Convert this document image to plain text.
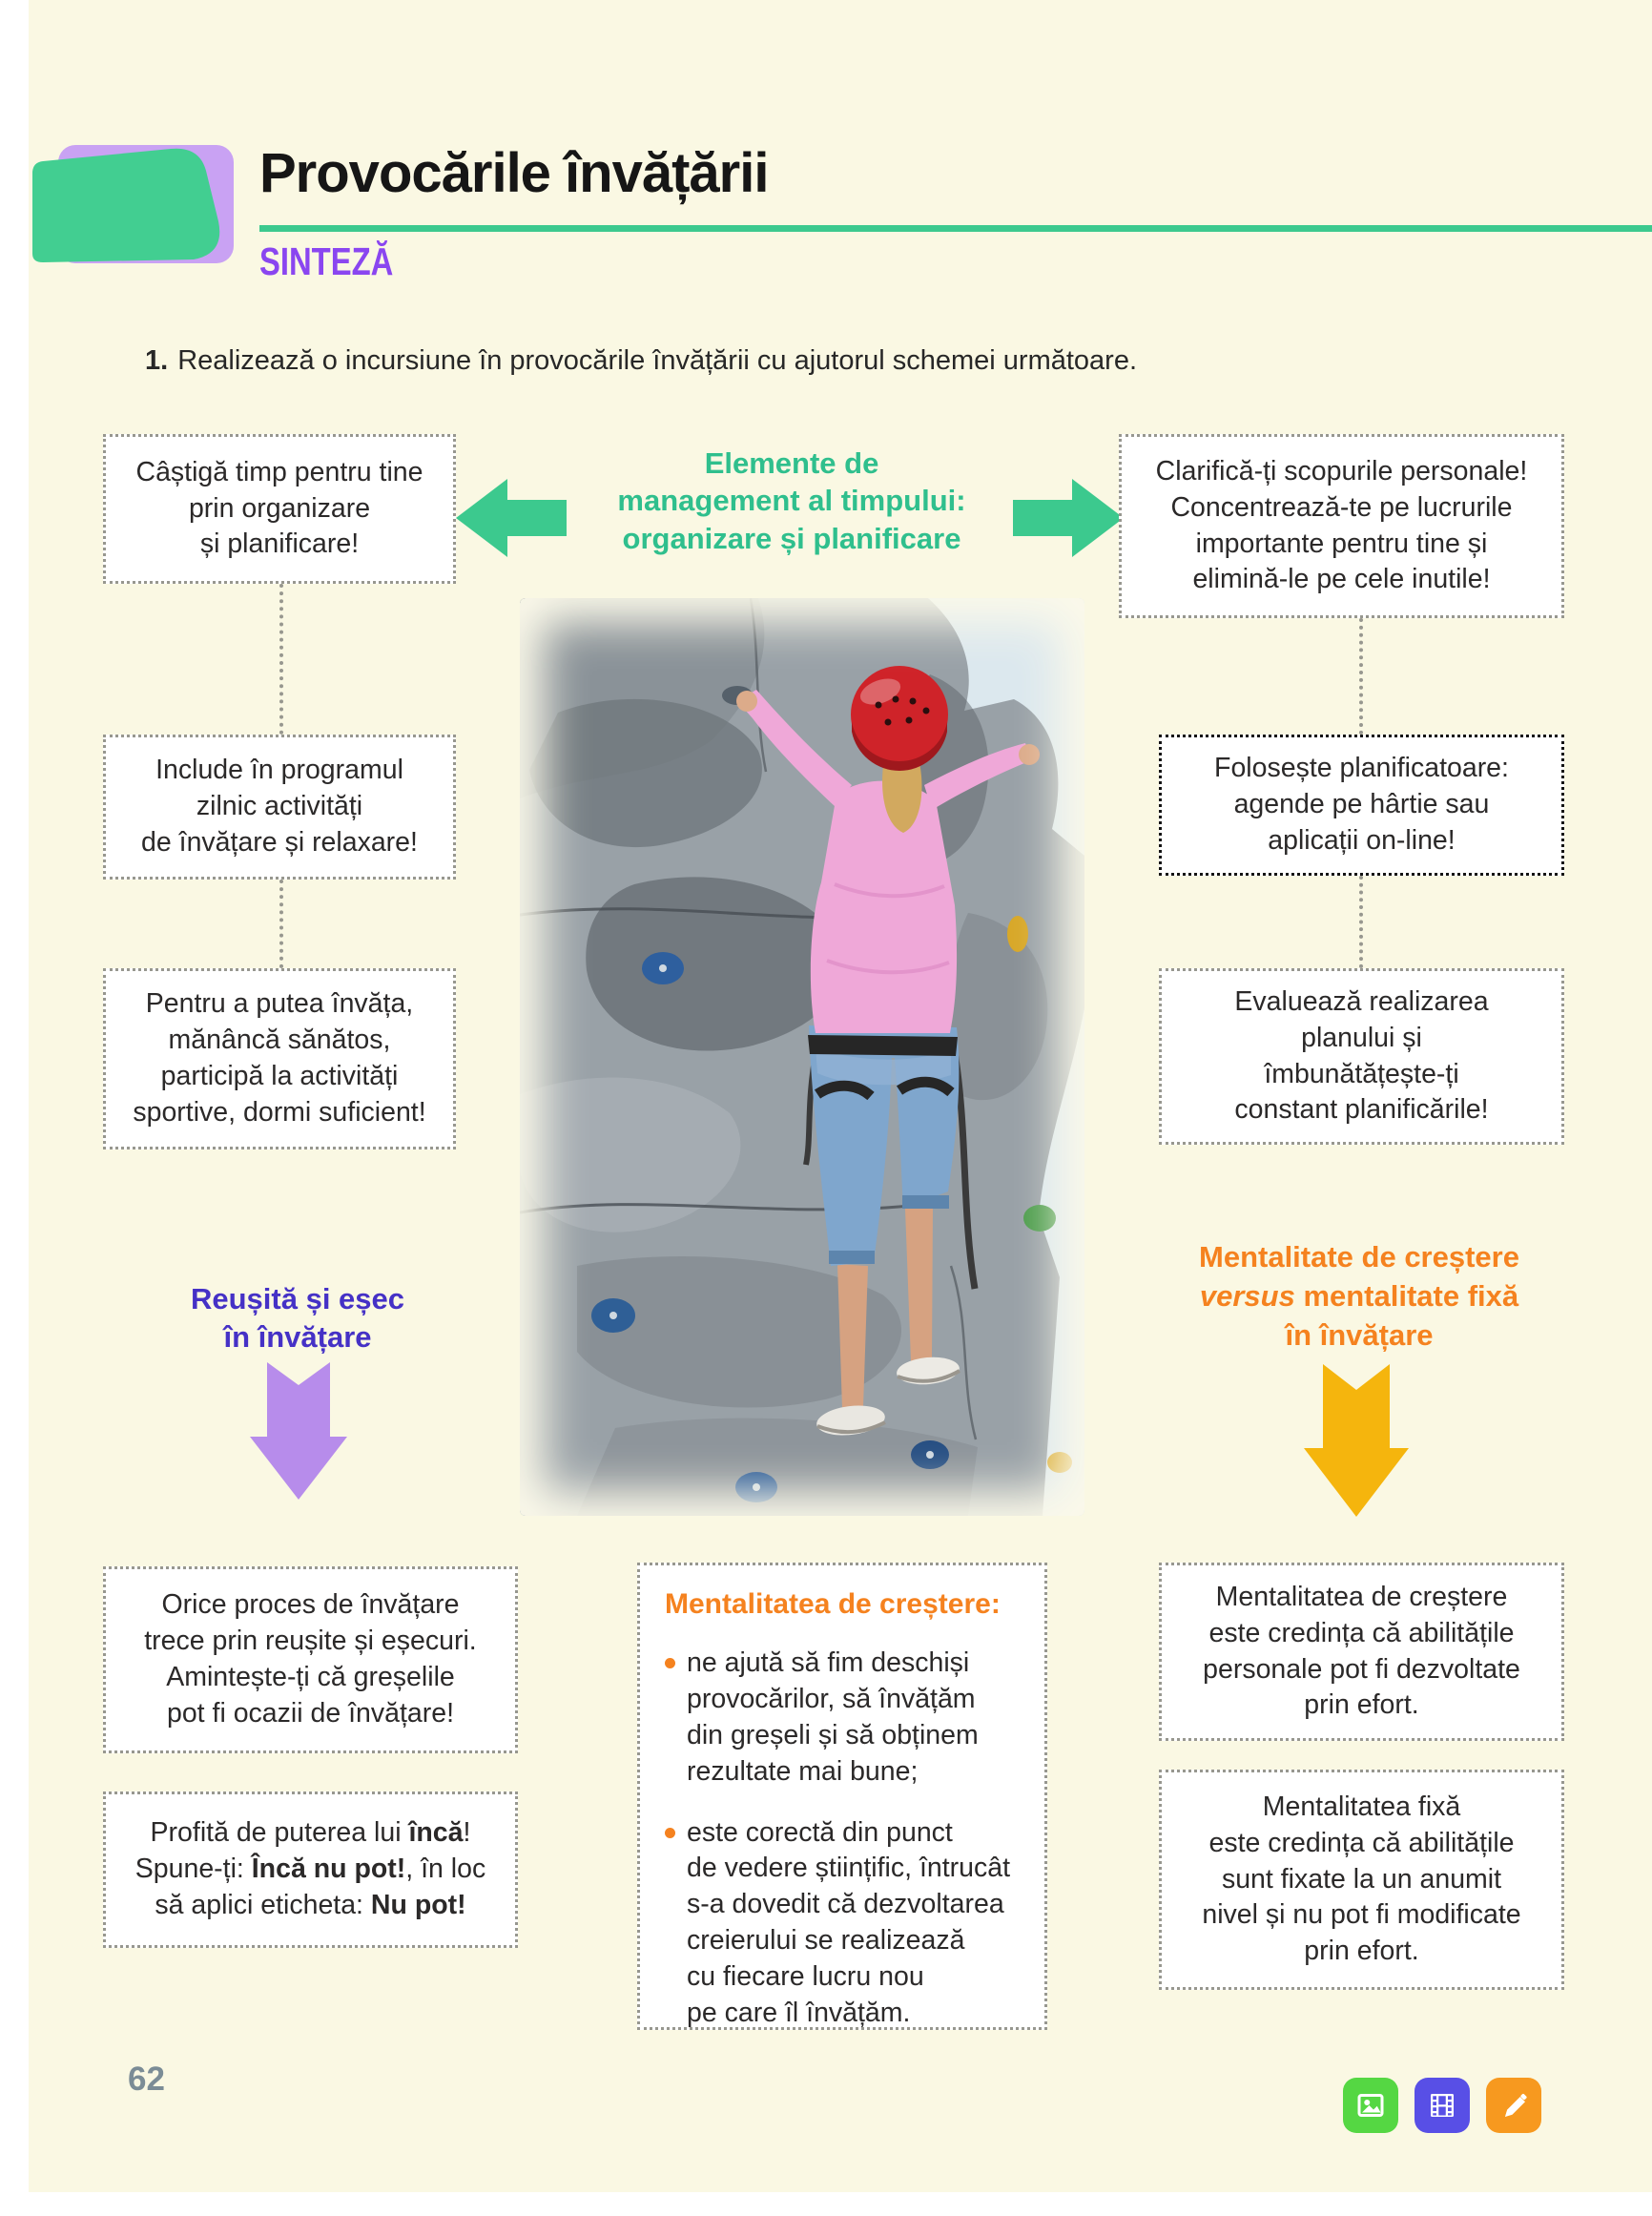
Provocările învățării
SINTEZĂ
1. Realizează o incursiune în provocările învățării cu ajutorul schemei următoare.
Câștigă timp pentru tine
prin organizare
și planificare!
Elemente de
management al timpului:
organizare și planificare
Clarifică-ți scopurile personale!
Concentrează-te pe lucrurile
importante pentru tine și
elimină-le pe cele inutile!
Include în programul
zilnic activități
de învățare și relaxare!
Folosește planificatoare:
agende pe hârtie sau
aplicații on-line!
Pentru a putea învăța,
mănâncă sănătos,
participă la activități
sportive, dormi suficient!
Evaluează realizarea
planului și
îmbunătățește-ți
constant planificările!
Reușită și eșec
în învățare
Mentalitate de creștere
versus mentalitate fixă
în învățare
Orice proces de învățare
trece prin reușite și eșecuri.
Amintește-ți că greșelile
pot fi ocazii de învățare!
Profită de puterea lui încă!
Spune-ți: Încă nu pot!, în loc
să aplici eticheta: Nu pot!
Mentalitatea de creștere:
ne ajută să fim deschiși
provocărilor, să învățăm
din greșeli și să obținem
rezultate mai bune;
este corectă din punct
de vedere științific, întrucât
s-a dovedit că dezvoltarea
creierului se realizează
cu fiecare lucru nou
pe care îl învățăm.
Mentalitatea de creștere
este credința că abilitățile
personale pot fi dezvoltate
prin efort.
Mentalitatea fixă
este credința că abilitățile
sunt fixate la un anumit
nivel și nu pot fi modificate
prin efort.
62
